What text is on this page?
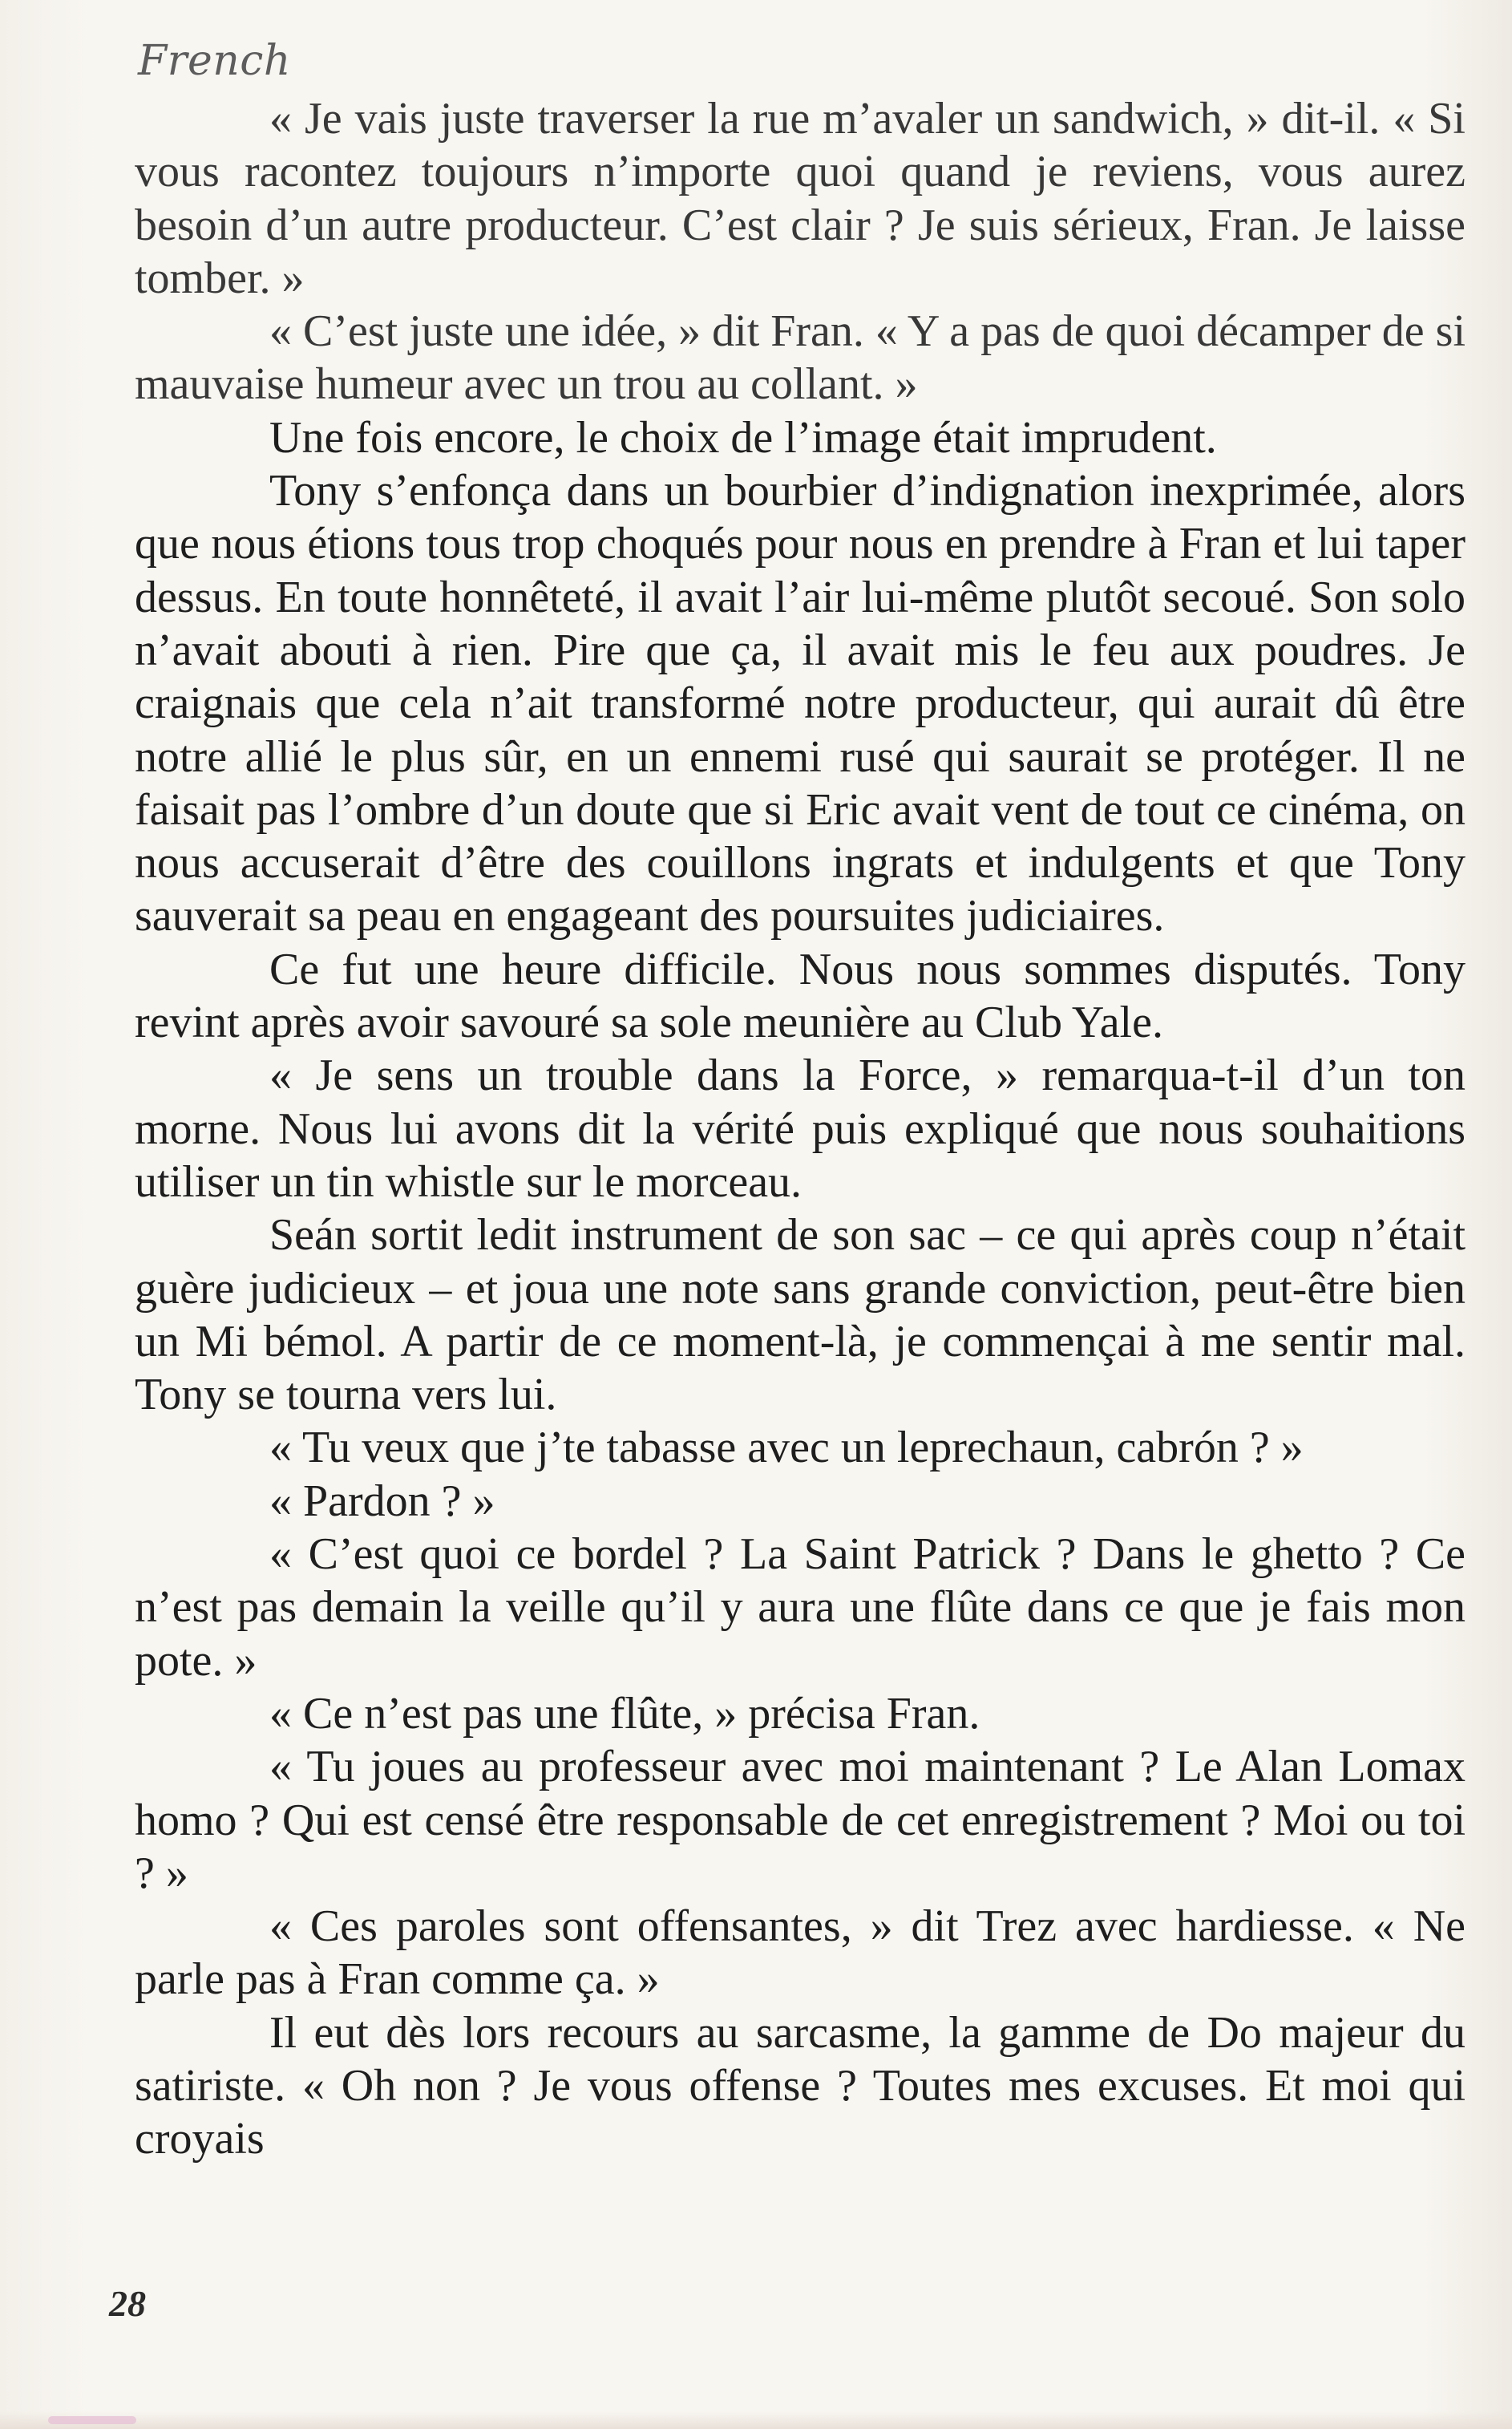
French

« Je vais juste traverser la rue m’avaler un sandwich, » dit-il. « Si vous racontez toujours n’importe quoi quand je reviens, vous aurez besoin d’un autre producteur. C’est clair ? Je suis sérieux, Fran. Je laisse tomber. »

« C’est juste une idée, » dit Fran. « Y a pas de quoi décamper de si mauvaise humeur avec un trou au collant. »

Une fois encore, le choix de l’image était imprudent.

Tony s’enfonça dans un bourbier d’indignation inexprimée, alors que nous étions tous trop choqués pour nous en prendre à Fran et lui taper dessus. En toute honnêteté, il avait l’air lui-même plutôt secoué. Son solo n’avait abouti à rien. Pire que ça, il avait mis le feu aux poudres. Je craignais que cela n’ait transformé notre producteur, qui aurait dû être notre allié le plus sûr, en un ennemi rusé qui saurait se protéger. Il ne faisait pas l’ombre d’un doute que si Eric avait vent de tout ce cinéma, on nous accuserait d’être des couillons ingrats et indulgents et que Tony sauverait sa peau en engageant des poursuites judiciaires.

Ce fut une heure difficile. Nous nous sommes disputés. Tony revint après avoir savouré sa sole meunière au Club Yale.

« Je sens un trouble dans la Force, » remarqua-t-il d’un ton morne. Nous lui avons dit la vérité puis expliqué que nous souhaitions utiliser un tin whistle sur le morceau.

Seán sortit ledit instrument de son sac – ce qui après coup n’était guère judicieux – et joua une note sans grande conviction, peut-être bien un Mi bémol. A partir de ce moment-là, je commençai à me sentir mal. Tony se tourna vers lui.

« Tu veux que j’te tabasse avec un leprechaun, cabrón ? »

« Pardon ? »

« C’est quoi ce bordel ? La Saint Patrick ? Dans le ghetto ? Ce n’est pas demain la veille qu’il y aura une flûte dans ce que je fais mon pote. »

« Ce n’est pas une flûte, » précisa Fran.

« Tu joues au professeur avec moi maintenant ? Le Alan Lomax homo ? Qui est censé être responsable de cet enregistrement ? Moi ou toi ? »

« Ces paroles sont offensantes, » dit Trez avec hardiesse. « Ne parle pas à Fran comme ça. »

Il eut dès lors recours au sarcasme, la gamme de Do majeur du satiriste. « Oh non ? Je vous offense ? Toutes mes excuses. Et moi qui croyais

28
